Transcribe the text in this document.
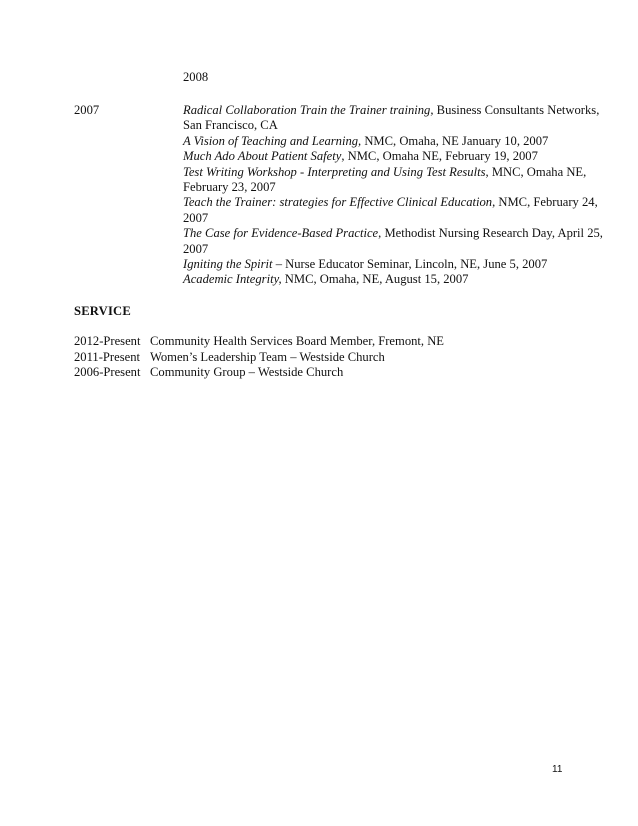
2008
2007	Radical Collaboration Train the Trainer training, Business Consultants Networks,
San Francisco, CA
A Vision of Teaching and Learning, NMC, Omaha, NE January 10, 2007
Much Ado About Patient Safety, NMC, Omaha NE, February 19, 2007
Test Writing Workshop - Interpreting and Using Test Results, MNC, Omaha NE,
February 23, 2007
Teach the Trainer: strategies for Effective Clinical Education, NMC, February 24,
2007
The Case for Evidence-Based Practice, Methodist Nursing Research Day, April 25,
2007
Igniting the Spirit – Nurse Educator Seminar, Lincoln, NE, June 5, 2007
Academic Integrity, NMC, Omaha, NE, August 15, 2007
SERVICE
2012-Present Community Health Services Board Member, Fremont, NE
2011-Present Women’s Leadership Team – Westside Church
2006-Present Community Group – Westside Church
11
